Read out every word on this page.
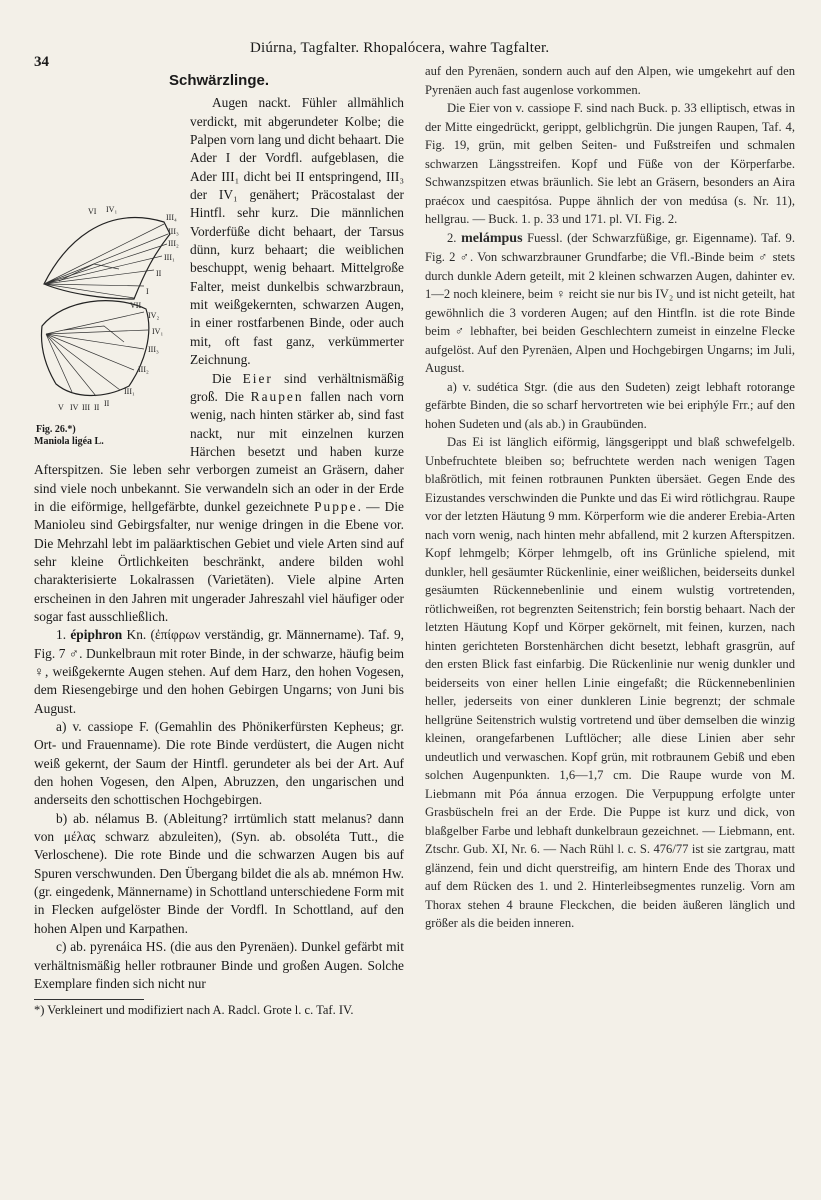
34
Diúrna, Tagfalter. Rhopalócera, wahre Tagfalter.
Schwärzlinge.
VI IV₁
III₄
III₃
III₂
III₁
II
I
VII
IV₂
IV₁
III₃
III₂
III₁
II
V IV III II
Fig. 26.*)
Maniola ligéa L.

Augen nackt. Fühler allmählich verdickt, mit abgerundeter Kolbe; die Palpen vorn lang und dicht behaart. Die Ader I der Vordfl. aufgeblasen, die Ader III₁ dicht bei II entspringend, III₃ der IV₁ genähert; Präcostalast der Hintfl. sehr kurz. Die männlichen Vorderfüße dicht behaart, der Tarsus dünn, kurz behaart; die weiblichen beschuppt, wenig behaart. Mittelgroße Falter, meist dunkelbis schwarzbraun, mit weißgekernten, schwarzen Augen, in einer rostfarbenen Binde, oder auch mit, oft fast ganz, verkümmerter Zeichnung.

Die Eier sind verhältnismäßig groß. Die Raupen fallen nach vorn wenig, nach hinten stärker ab, sind fast nackt, nur mit einzelnen kurzen Härchen besetzt und haben kurze Afterspitzen. Sie leben sehr verborgen zumeist an Gräsern, daher sind viele noch unbekannt. Sie verwandeln sich an oder in der Erde in die eiförmige, hellgefärbte, dunkel gezeichnete Puppe. — Die Manioleu sind Gebirgsfalter, nur wenige dringen in die Ebene vor. Die Mehrzahl lebt im paläarktischen Gebiet und viele Arten sind auf sehr kleine Örtlichkeiten beschränkt, andere bilden wohl charakterisierte Lokalrassen (Varietäten). Viele alpine Arten erscheinen in den Jahren mit ungerader Jahreszahl viel häufiger oder sogar fast ausschließlich.

1. épiphron Kn. (ἐπίφρων verständig, gr. Männername). Taf. 9, Fig. 7 ♂. Dunkelbraun mit roter Binde, in der schwarze, häufig beim ♀, weißgekernte Augen stehen. Auf dem Harz, den hohen Vogesen, dem Riesengebirge und den hohen Gebirgen Ungarns; von Juni bis August.

a) v. cassiope F. (Gemahlin des Phönikerfürsten Kepheus; gr. Ort- und Frauenname). Die rote Binde verdüstert, die Augen nicht weiß gekernt, der Saum der Hintfl. gerundeter als bei der Art. Auf den hohen Vogesen, den Alpen, Abruzzen, den ungarischen und anderseits den schottischen Hochgebirgen.

b) ab. nélamus B. (Ableitung? irrtümlich statt melanus? dann von μέλας schwarz abzuleiten), (Syn. ab. obsoléta Tutt., die Verloschene). Die rote Binde und die schwarzen Augen bis auf Spuren verschwunden. Den Übergang bildet die als ab. mnémon Hw. (gr. eingedenk, Männername) in Schottland unterschiedene Form mit in Flecken aufgelöster Binde der Vordfl. In Schottland, auf den hohen Alpen und Karpathen.

c) ab. pyrenáica HS. (die aus den Pyrenäen). Dunkel gefärbt mit verhältnismäßig heller rotbrauner Binde und großen Augen. Solche Exemplare finden sich nicht nur

*) Verkleinert und modifiziert nach A. Radcl. Grote l. c. Taf. IV.

auf den Pyrenäen, sondern auch auf den Alpen, wie umgekehrt auf den Pyrenäen auch fast augenlose vorkommen.

Die Eier von v. cassiope F. sind nach Buck. p. 33 elliptisch, etwas in der Mitte eingedrückt, gerippt, gelblichgrün. Die jungen Raupen, Taf. 4, Fig. 19, grün, mit gelben Seiten- und Fußstreifen und schmalen schwarzen Längsstreifen. Kopf und Füße von der Körperfarbe. Schwanzspitzen etwas bräunlich. Sie lebt an Gräsern, besonders an Aira praécox und caespitósa. Puppe ähnlich der von medúsa (s. Nr. 11), hellgrau. — Buck. 1. p. 33 und 171. pl. VI. Fig. 2.

2. melámpus Fuessl. (der Schwarzfüßige, gr. Eigenname). Taf. 9. Fig. 2 ♂. Von schwarzbrauner Grundfarbe; die Vfl.-Binde beim ♂ stets durch dunkle Adern geteilt, mit 2 kleinen schwarzen Augen, dahinter ev. 1—2 noch kleinere, beim ♀ reicht sie nur bis IV₂ und ist nicht geteilt, hat gewöhnlich die 3 vorderen Augen; auf den Hintfln. ist die rote Binde beim ♂ lebhafter, bei beiden Geschlechtern zumeist in einzelne Flecke aufgelöst. Auf den Pyrenäen, Alpen und Hochgebirgen Ungarns; im Juli, August.

a) v. sudética Stgr. (die aus den Sudeten) zeigt lebhaft rotorange gefärbte Binden, die so scharf hervortreten wie bei eriphýle Frr.; auf den hohen Sudeten und (als ab.) in Graubünden.

Das Ei ist länglich eiförmig, längsgerippt und blaß schwefelgelb. Unbefruchtete bleiben so; befruchtete werden nach wenigen Tagen blaßrötlich, mit feinen rotbraunen Punkten übersäet. Gegen Ende des Eizustandes verschwinden die Punkte und das Ei wird rötlichgrau. Raupe vor der letzten Häutung 9 mm. Körperform wie die anderer Erebia-Arten nach vorn wenig, nach hinten mehr abfallend, mit 2 kurzen Afterspitzen. Kopf lehmgelb; Körper lehmgelb, oft ins Grünliche spielend, mit dunkler, hell gesäumter Rückenlinie, einer weißlichen, beiderseits dunkel gesäumten Rückennebenlinie und einem wulstig vortretenden, rötlichweißen, rot begrenzten Seitenstrich; fein borstig behaart. Nach der letzten Häutung Kopf und Körper gekörnelt, mit feinen, kurzen, nach hinten gerichteten Borstenhärchen dicht besetzt, lebhaft grasgrün, auf den ersten Blick fast einfarbig. Die Rückenlinie nur wenig dunkler und beiderseits von einer hellen Linie eingefaßt; die Rückennebenlinien heller, jederseits von einer dunkleren Linie begrenzt; der schmale hellgrüne Seitenstrich wulstig vortretend und über demselben die winzig kleinen, orangefarbenen Luftlöcher; alle diese Linien aber sehr undeutlich und verwaschen. Kopf grün, mit rotbraunem Gebiß und eben solchen Augenpunkten. 1,6—1,7 cm. Die Raupe wurde von M. Liebmann mit Póa ánnua erzogen. Die Verpuppung erfolgte unter Grasbüscheln frei an der Erde. Die Puppe ist kurz und dick, von blaßgelber Farbe und lebhaft dunkelbraun gezeichnet. — Liebmann, ent. Ztschr. Gub. XI, Nr. 6. — Nach Rühl l. c. S. 476/77 ist sie zartgrau, matt glänzend, fein und dicht querstreifig, am hintern Ende des Thorax und auf dem Rücken des 1. und 2. Hinterleibsegmentes runzelig. Vorn am Thorax stehen 4 braune Fleckchen, die beiden äußeren länglich und größer als die beiden inneren.
